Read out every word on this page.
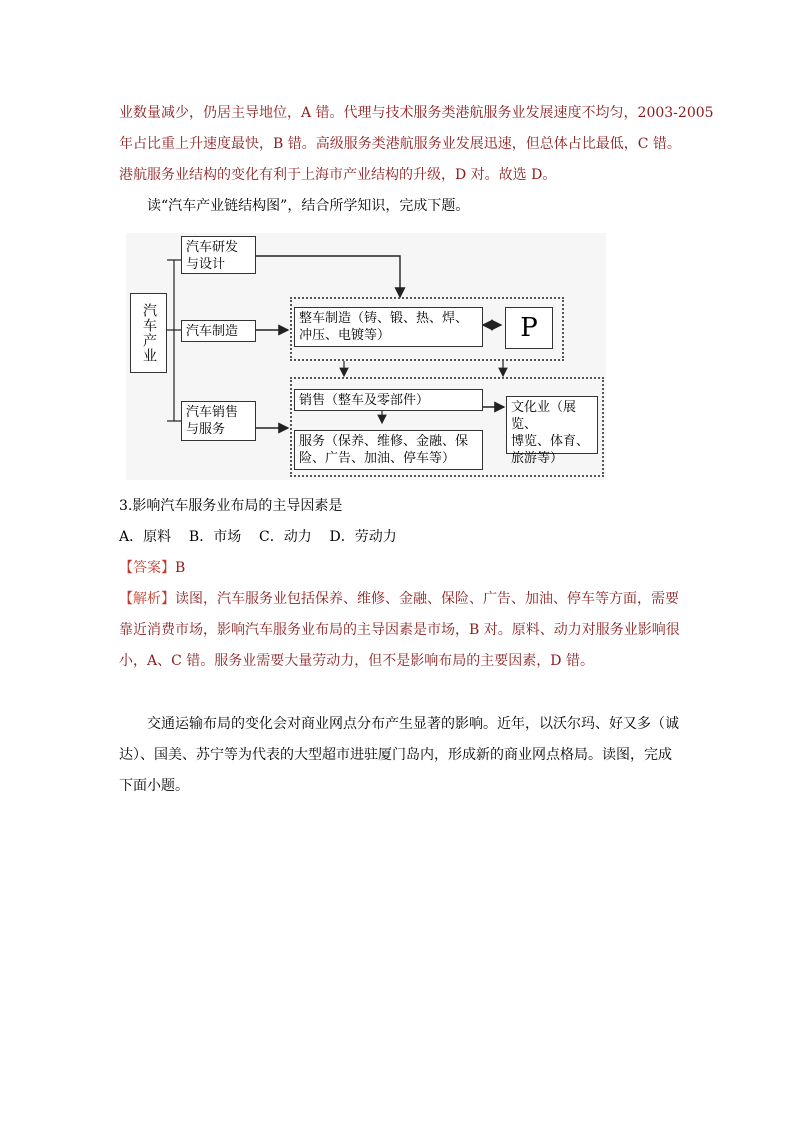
业数量减少，仍居主导地位，A 错。代理与技术服务类港航服务业发展速度不均匀，2003-2005
年占比重上升速度最快，B 错。高级服务类港航服务业发展迅速，但总体占比最低，C 错。
港航服务业结构的变化有利于上海市产业结构的升级，D 对。故选 D。
读“汽车产业链结构图”，结合所学知识，完成下题。
汽车产业
汽车研发
与设计
汽车制造
汽车销售
与服务
整车制造（铸、锻、热、焊、
冲压、电镀等）	P
销售（整车及零部件）
服务（保养、维修、金融、保
险、广告、加油、停车等）
文化业（展览、
博览、体育、
旅游等）
3.影响汽车服务业布局的主导因素是
A．原料    B．市场    C．动力    D．劳动力
【答案】B
【解析】读图，汽车服务业包括保养、维修、金融、保险、广告、加油、停车等方面，需要
靠近消费市场，影响汽车服务业布局的主导因素是市场，B 对。原料、动力对服务业影响很
小，A、C 错。服务业需要大量劳动力，但不是影响布局的主要因素，D 错。
交通运输布局的变化会对商业网点分布产生显著的影响。近年，以沃尔玛、好又多（诚
达）、国美、苏宁等为代表的大型超市进驻厦门岛内，形成新的商业网点格局。读图，完成
下面小题。
